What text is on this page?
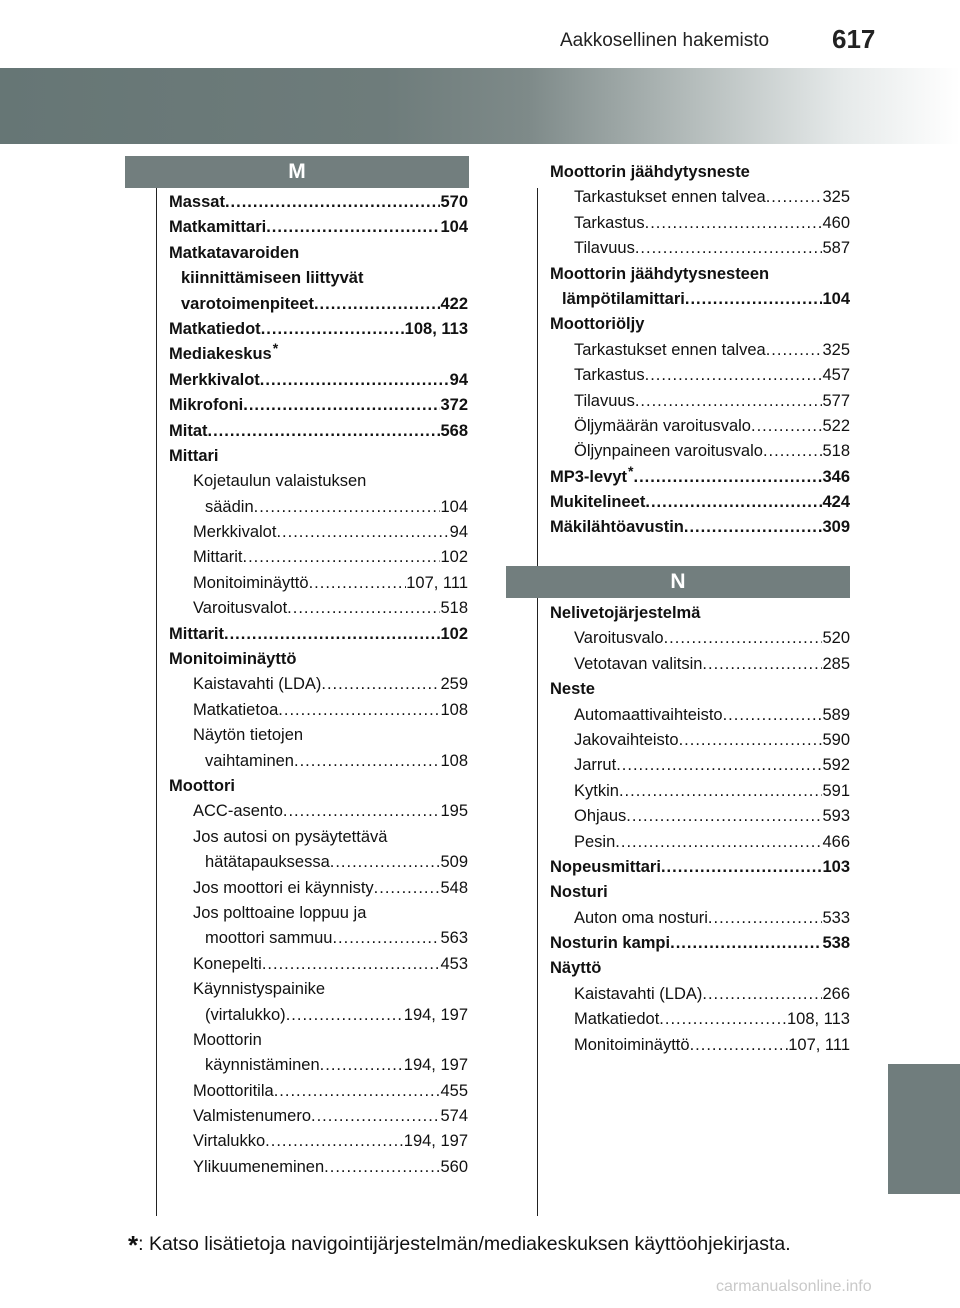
Aakkosellinen hakemisto 617
M
N
Massat .....	570
Matkamittari .....	104
Matkatavaroiden
kiinnittämiseen liittyvät
varotoimenpiteet .....	422
Matkatiedot .....	108, 113
Mediakeskus *
Merkkivalot .....	94
Mikrofoni .....	372
Mitat .....	568
Mittari
Kojetaulun valaistuksen
säädin .....	104
Merkkivalot .....	94
Mittarit .....	102
Monitoiminäyttö .....	107, 111
Varoitusvalot .....	518
Mittarit .....	102
Monitoiminäyttö
Kaistavahti (LDA) .....	259
Matkatietoa .....	108
Näytön tietojen
vaihtaminen .....	108
Moottori
ACC-asento .....	195
Jos autosi on pysäytettävä
hätätapauksessa .....	509
Jos moottori ei käynnisty .....	548
Jos polttoaine loppuu ja
moottori sammuu .....	563
Konepelti .....	453
Käynnistyspainike
(virtalukko) .....	194, 197
Moottorin
käynnistäminen .....	194, 197
Moottoritila .....	455
Valmistenumero .....	574
Virtalukko .....	194, 197
Ylikuumeneminen .....	560
Moottorin jäähdytysneste
Tarkastukset ennen talvea .....	325
Tarkastus .....	460
Tilavuus .....	587
Moottorin jäähdytysnesteen
lämpötilamittari .....	104
Moottoriöljy
Tarkastukset ennen talvea .....	325
Tarkastus .....	457
Tilavuus .....	577
Öljymäärän varoitusvalo .....	522
Öljynpaineen varoitusvalo .....	518
MP3-levyt * .....	346
Mukitelineet .....	424
Mäkilähtöavustin .....	309
Nelivetojärjestelmä
Varoitusvalo .....	520
Vetotavan valitsin .....	285
Neste
Automaattivaihteisto .....	589
Jakovaihteisto .....	590
Jarrut .....	592
Kytkin .....	591
Ohjaus .....	593
Pesin .....	466
Nopeusmittari .....	103
Nosturi
Auton oma nosturi .....	533
Nosturin kampi .....	538
Näyttö
Kaistavahti (LDA) .....	266
Matkatiedot .....	108, 113
Monitoiminäyttö .....	107, 111
*: Katso lisätietoja navigointijärjestelmän/mediakeskuksen käyttöohjekirjasta.
carmanualsonline.info
